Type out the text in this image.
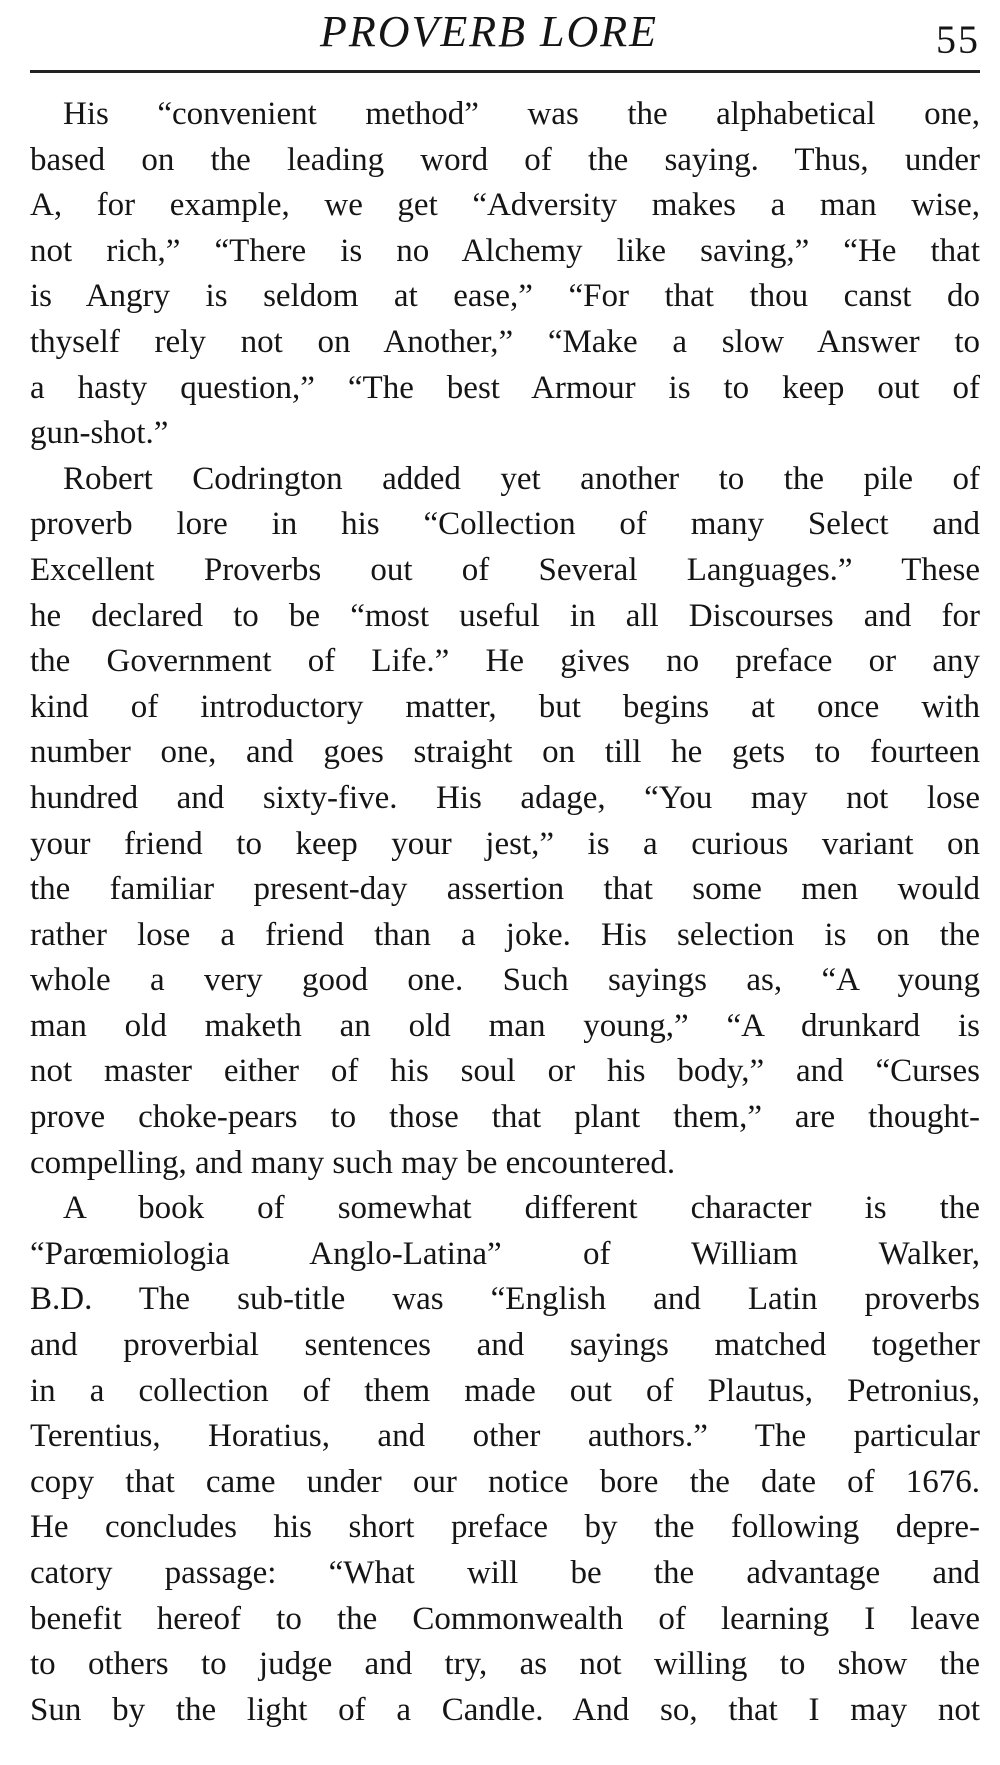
PROVERB LORE	55
His “convenient method” was the alphabetical one,
based on the leading word of the saying. Thus, under
A, for example, we get “Adversity makes a man wise,
not rich,” “There is no Alchemy like saving,” “He that
is Angry is seldom at ease,” “For that thou canst do
thyself rely not on Another,” “Make a slow Answer to
a hasty question,” “The best Armour is to keep out of
gun-shot.”
Robert Codrington added yet another to the pile of
proverb lore in his “Collection of many Select and
Excellent Proverbs out of Several Languages.” These
he declared to be “most useful in all Discourses and for
the Government of Life.” He gives no preface or any
kind of introductory matter, but begins at once with
number one, and goes straight on till he gets to fourteen
hundred and sixty-five. His adage, “You may not lose
your friend to keep your jest,” is a curious variant on
the familiar present-day assertion that some men would
rather lose a friend than a joke. His selection is on the
whole a very good one. Such sayings as, “A young
man old maketh an old man young,” “A drunkard is
not master either of his soul or his body,” and “Curses
prove choke-pears to those that plant them,” are thought-
compelling, and many such may be encountered.
A book of somewhat different character is the
“Parœmiologia Anglo-Latina” of William Walker,
B.D. The sub-title was “English and Latin proverbs
and proverbial sentences and sayings matched together
in a collection of them made out of Plautus, Petronius,
Terentius, Horatius, and other authors.” The particular
copy that came under our notice bore the date of 1676.
He concludes his short preface by the following depre-
catory passage: “What will be the advantage and
benefit hereof to the Commonwealth of learning I leave
to others to judge and try, as not willing to show the
Sun by the light of a Candle. And so, that I may not
